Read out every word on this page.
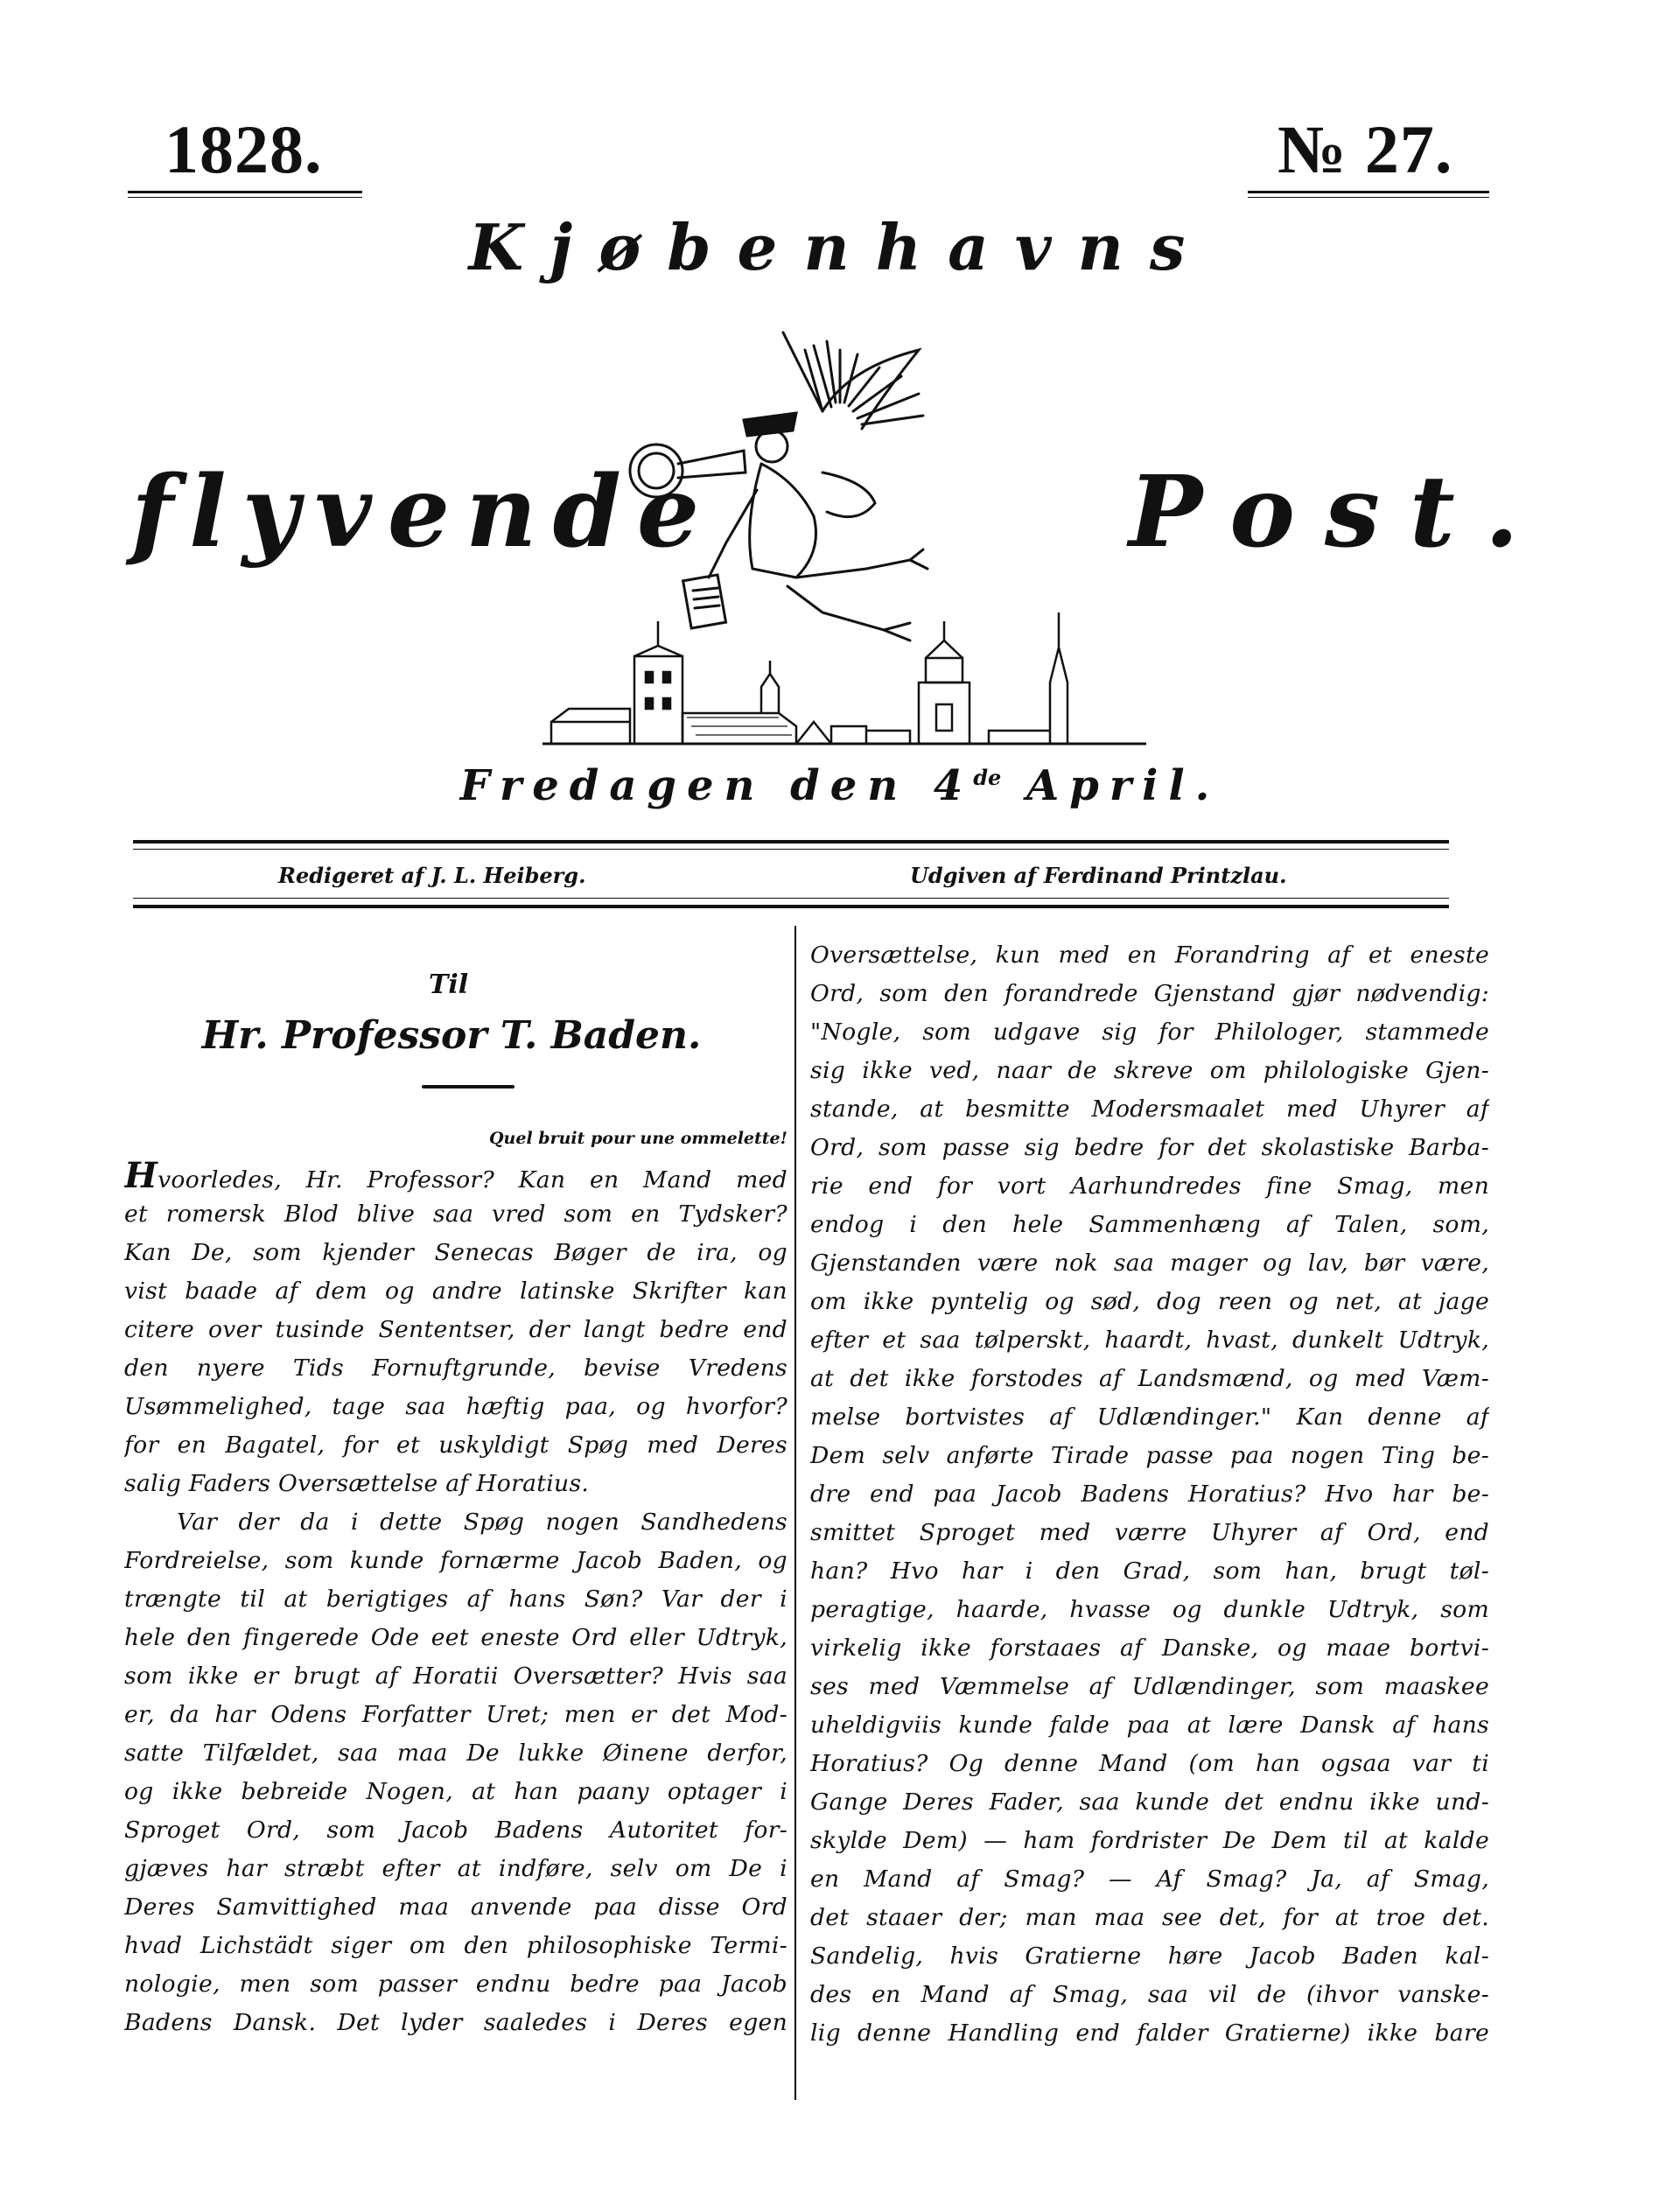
1828.	№ 27.
Kjøbenhavns
flyvende	Post.
Fredagen den 4de April.
Redigeret af J. L. Heiberg.	Udgiven af Ferdinand Printzlau.
Til
Hr. Professor T. Baden.
Quel bruit pour une ommelette!
Hvoorledes, Hr. Professor? Kan en Mand med
et romersk Blod blive saa vred som en Tydsker?
Kan De, som kjender Senecas Bøger de ira, og
vist baade af dem og andre latinske Skrifter kan
citere over tusinde Sententser, der langt bedre end
den nyere Tids Fornuftgrunde, bevise Vredens
Usømmelighed, tage saa hæftig paa, og hvorfor?
for en Bagatel, for et uskyldigt Spøg med Deres
salig Faders Oversættelse af Horatius.
Var der da i dette Spøg nogen Sandhedens
Fordreielse, som kunde fornærme Jacob Baden, og
trængte til at berigtiges af hans Søn? Var der i
hele den fingerede Ode eet eneste Ord eller Udtryk,
som ikke er brugt af Horatii Oversætter? Hvis saa
er, da har Odens Forfatter Uret; men er det Mod-
satte Tilfældet, saa maa De lukke Øinene derfor,
og ikke bebreide Nogen, at han paany optager i
Sproget Ord, som Jacob Badens Autoritet for-
gjæves har stræbt efter at indføre, selv om De i
Deres Samvittighed maa anvende paa disse Ord
hvad Lichstädt siger om den philosophiske Termi-
nologie, men som passer endnu bedre paa Jacob
Badens Dansk. Det lyder saaledes i Deres egen
Oversættelse, kun med en Forandring af et eneste
Ord, som den forandrede Gjenstand gjør nødvendig:
"Nogle, som udgave sig for Philologer, stammede
sig ikke ved, naar de skreve om philologiske Gjen-
stande, at besmitte Modersmaalet med Uhyrer af
Ord, som passe sig bedre for det skolastiske Barba-
rie end for vort Aarhundredes fine Smag, men
endog i den hele Sammenhæng af Talen, som,
Gjenstanden være nok saa mager og lav, bør være,
om ikke pyntelig og sød, dog reen og net, at jage
efter et saa tølperskt, haardt, hvast, dunkelt Udtryk,
at det ikke forstodes af Landsmænd, og med Væm-
melse bortvistes af Udlændinger." Kan denne af
Dem selv anførte Tirade passe paa nogen Ting be-
dre end paa Jacob Badens Horatius? Hvo har be-
smittet Sproget med værre Uhyrer af Ord, end
han? Hvo har i den Grad, som han, brugt tøl-
peragtige, haarde, hvasse og dunkle Udtryk, som
virkelig ikke forstaaes af Danske, og maae bortvi-
ses med Væmmelse af Udlændinger, som maaskee
uheldigviis kunde falde paa at lære Dansk af hans
Horatius? Og denne Mand (om han ogsaa var ti
Gange Deres Fader, saa kunde det endnu ikke und-
skylde Dem) — ham fordrister De Dem til at kalde
en Mand af Smag? — Af Smag? Ja, af Smag,
det staaer der; man maa see det, for at troe det.
Sandelig, hvis Gratierne høre Jacob Baden kal-
des en Mand af Smag, saa vil de (ihvor vanske-
lig denne Handling end falder Gratierne) ikke bare
